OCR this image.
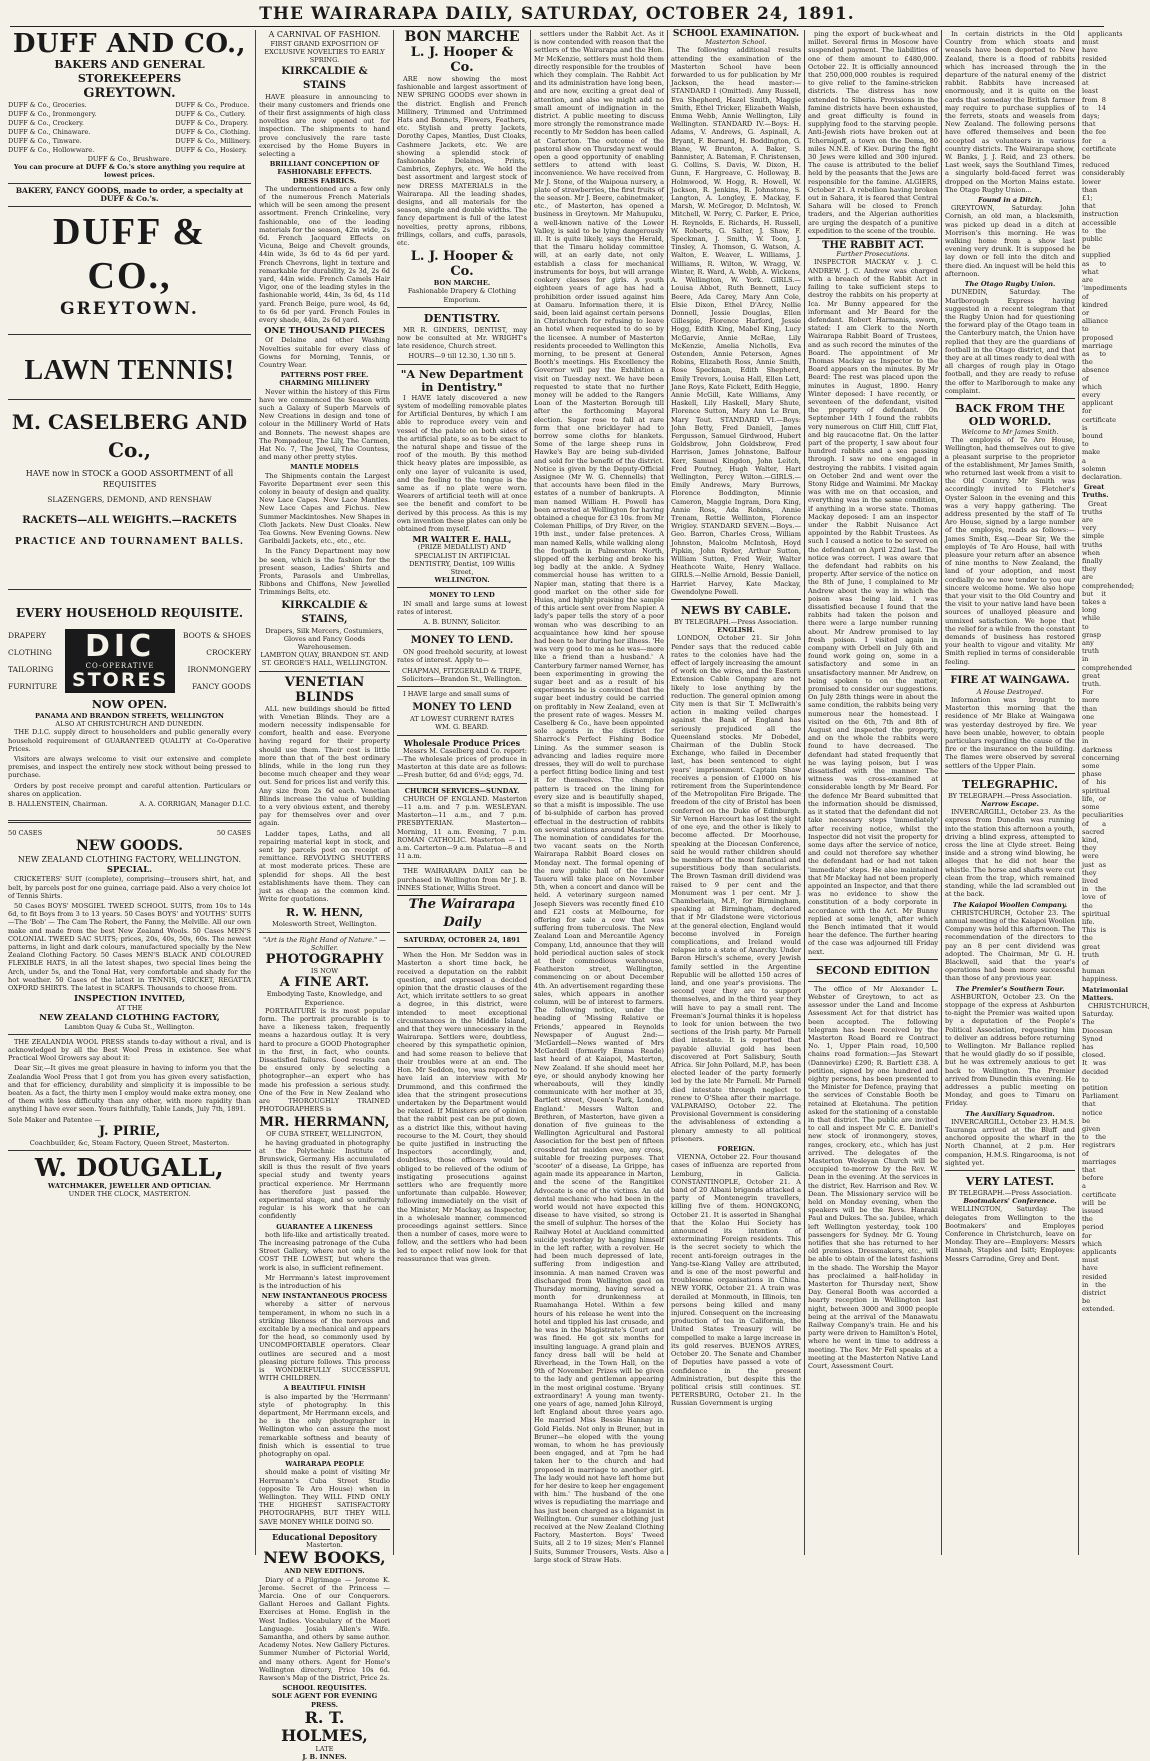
THE WAIRARAPA DAILY, SATURDAY, OCTOBER 24, 1891.
DUFF AND CO.,
BAKERS AND GENERAL STOREKEEPERS
GREYTOWN.
DUFF & Co., Groceries.
DUFF & Co., Ironmongery.
DUFF & Co., Crockery.
DUFF & Co., Chinaware.
DUFF & Co., Tinware.
DUFF & Co., Hollowware.
DUFF & Co., Produce.
DUFF & Co., Cutlery.
DUFF & Co., Drapery.
DUFF & Co., Clothing.
DUFF & Co., Millinery.
DUFF & Co., Hosiery.
DUFF & Co., Brushware.
You can procure at DUFF & Co.'s store anything you require at lowest prices.
BAKERY, FANCY GOODS, made to order, a specialty at DUFF & Co.'s.
DUFF & CO.,
GREYTOWN.
LAWN TENNIS!
M. CASELBERG AND Co.,
HAVE now in STOCK a GOOD ASSORTMENT of all REQUISITES
SLAZENGERS, DEMOND, AND RENSHAW
RACKETS—ALL WEIGHTS.—RACKETS
PRACTICE AND TOURNAMENT BALLS.
EVERY HOUSEHOLD REQUISITE.
DRAPERY
CLOTHING
TAILORING
FURNITURE
DIC
CO-OPERATIVE
STORES
BOOTS & SHOES
CROCKERY
IRONMONGERY
FANCY GOODS
NOW OPEN.
PANAMA AND BRANDON STREETS, WELLINGTON
ALSO AT CHRISTCHURCH AND DUNEDIN.

THE D.I.C. supply direct to householders and public generally every household requirement of GUARANTEED QUALITY at Co-Operative Prices.

Visitors are always welcome to visit our extensive and complete premises, and inspect the entirely new stock without being pressed to purchase.

Orders by post receive prompt and careful attention. Particulars or shares on application.

B. HALLENSTEIN, Chairman.	A. A. CORRIGAN, Manager D.I.C.
50 CASES	50 CASES
NEW GOODS.
NEW ZEALAND CLOTHING FACTORY, WELLINGTON.
SPECIAL.

CRICKETERS' SUIT (complete), comprising—trousers shirt, hat, and belt, by parcels post for one guinea, carriage paid. Also a very choice lot of Tennis Shirts.

50 Cases BOYS' MOSGIEL TWEED SCHOOL SUITS, from 10s to 14s 6d, to fit Boys from 3 to 13 years. 50 Cases BOYS' and YOUTHS' SUITS—The 'Bob' — The Cam The Robert, the Fanny, the Melville. All our own make and made from the best New Zealand Wools. 50 Cases MEN'S COLONIAL TWEED SAC SUITS; prices, 20s, 40s, 50s, 60s. The newest patterns, in light and dark colours, manufactured specially by the New Zealand Clothing Factory. 50 Cases MEN'S BLACK AND COLOURED FLEXIBLE HATS, in all the latest shapes, two special lines being the Arch, under 5s, and the Tonal Hat, very comfortable and shady for the hot weather. 50 Cases of the latest in TENNIS, CRICKET, REGATTA OXFORD SHIRTS. The latest in SCARFS. Thousands to choose from.

INSPECTION INVITED,
AT THE
NEW ZEALAND CLOTHING FACTORY,
Lambton Quay & Cuba St., Wellington.

THE ZEALANDIA WOOL PRESS stands to-day without a rival, and is acknowledged by all the Best Wool Press in existence. See what Practical Wool Growers say about it:

Dear Sir,—It gives me great pleasure in having to inform you that the Zealandia Wool Press that I got from you has given every satisfaction, and that for efficiency, durability and simplicity it is impossible to be beaten. As a fact, the thirty men I employ would make extra money, one of them with less difficulty than any other, with more rapidity than anything I have ever seen. Yours faithfully, Table Lands, July 7th, 1891.

Sole Maker and Patentee —
J. PIRIE,
Coachbuilder, &c, Steam Factory, Queen Street, Masterton.
W. DOUGALL,
WATCHMAKER, JEWELLER AND OPTICIAN.
UNDER THE CLOCK, MASTERTON.
A CARNIVAL OF FASHION.
FIRST GRAND EXPOSITION OF EXCLUSIVE NOVELTIES TO EARLY SPRING.
KIRKCALDIE & STAINS

HAVE pleasure in announcing to their many customers and friends one of their first assignments of high class novelties are now opened out for inspection. The shipments to hand prove conclusively the rare taste exercised by the Home Buyers in selecting a

BRILLIANT CONCEPTION OF FASHIONABLE EFFECTS.
DRESS FABRICS.

The undermentioned are a few only of the numerous French Materials which will be seen among the present assortment. French Crinkeline, very fashionable, one of the leading materials for the season, 42in wide, 2s 6d. French Jacquard Effects on Vicuna, Beige and Chevelt grounds, 44in wide, 3s 6d to 4s 6d per yard. French Chevrons, light in texture and remarkable for durability, 2s 3d, 2s 6d yard, 44in wide. French Camels Hair Vigor, one of the leading styles in the fashionable world, 44in, 3s 6d, 4s 11d yard. French Beige, pure wool, 4s 6d, to 6s 6d per yard. French Foules in every shade, 44in, 2s 6d yard.

ONE THOUSAND PIECES

Of Delaine and other Washing Novelties suitable for every class of Gowns for Morning, Tennis, or Country Wear.

PATTERNS POST FREE.
CHARMING MILLINERY

Never within the history of this Firm have we commenced the Season with such a Galaxy of Superb Marvels of New Creations in design and tone of colour in the Millinery World of Hats and Bonnets. The newest shapes are The Pompadour, The Lily, The Carmen, Hat No. 7, The Jewel, The Countess, and many other pretty styles.

MANTLE MODELS

The Shipments contain the Largest Favorite Department ever seen this colony in beauty of design and quality. New Lace Capes. New Lace Mantles. New Lace Capes and Fichus. New Summer Mackintoshes. New Shapes in Cloth Jackets. New Dust Cloaks. New Tea Gowns. New Evening Gowns. New Garibaldi Jackets, etc., etc., etc.

In the Fancy Department may now be seen, which is the fashion for the present season, Ladies' Shirts and Fronts, Parasols and Umbrellas, Ribbons and Chiffons, New Jewelled Trimmings Belts, etc.

KIRKCALDIE & STAINS,
Drapers, Silk Mercers, Costumiers, Gloves and Fancy Goods Warehousemen.
LAMBTON QUAY, BRANDON ST. AND ST. GEORGE'S HALL, WELLINGTON.
VENETIAN BLINDS

ALL new buildings should be fitted with Venetian Blinds. They are a modern necessity indispensable for comfort, health and ease. Everyone having regard for their property should use them. Their cost is little more than that of the best ordinary blinds, while in the long run they become much cheaper and they wear out. Send for prices list and verify this. Any size from 2s 6d each. Venetian Blinds increase the value of building to a very obvious extent, and thereby pay for themselves over and over again.

Ladder tapes, Laths, and all repairing material kept in stock, and sent by parcels post on receipt of remittance. REVOLVING SHUTTERS at most moderate prices. These are splendid for shops. All the best establishments have them. They can just as cheap as the common kind. Write for quotations.

R. W. HENN,
Molesworth Street, Wellington.
"Art is the Right Hand of Nature." —Schiller.
PHOTOGRAPHY
IS NOW
A FINE ART.
Embodying Taste, Knowledge, and Experience.

PORTRAITURE is its most popular form. The portrait procurable is to have a likeness taken, frequently means a hazardous outlay. It is very hard to procure a GOOD Photographer in the first, in fact, who counts. Dissatisfied failures. Good results can be ensured only by selecting a photographer—an expert who has made his profession a serious study. One of the Few in New Zealand who are THOROUGHLY TRAINED PHOTOGRAPHERS is

MR. HERRMANN,
OF CUBA STREET, WELLINGTON,

he having graduated in photography at the Polytechnic Institute of Brunswick, Germany. His accumulated skill is thus the result of five years special study and twenty years practical experience. Mr Herrmann has therefore just passed the experimental stage, and so uniformly regular is his work that he can confidently

GUARANTEE A LIKENESS

both life-like and artistically treated. The increasing patronage of the Cuba Street Gallery, where not only is the COST THE LOWEST, but where the work is also, in sufficient refinement.

Mr Herrmann's latest improvement is the introduction of his

NEW INSTANTANEOUS PROCESS

whereby a sitter of nervous temperament, in whom no such in a striking likeness of the nervous and excitable by a mechanical and appears for the head, so commonly used by UNCOMFORTABLE operators. Clear outlines are secured and a most pleasing picture follows. This process is WONDERFULLY SUCCESSFUL WITH CHILDREN.

A BEAUTIFUL FINISH

is also imparted by the 'Herrmann' style of photography. In this department, Mr Herrmann excels, and he is the only photographer in Wellington who can assure the most remarkable softness and beauty of finish which is essential to true photography on opal.

WAIRARAPA PEOPLE

should make a point of visiting Mr Herrmann's Cuba Street Studio (opposite Te Aro House) when in Wellington. They WILL FIND ONLY THE HIGHEST SATISFACTORY PHOTOGRAPHS, BUT THEY WILL SAVE MONEY WHILE DOING SO.

Educational Depository
Masterton.
NEW BOOKS,
AND NEW EDITIONS.

Diary of a Pilgrimage — Jerome K. Jerome. Secret of the Princess — Marcia. One of our Conquerors. Gallant Heroes and Gallant Fights. Exercises at Home. English in the West Indies. Vocabulary of the Maori Language. Josiah Allen's Wife. Samantha, and others by same author. Academy Notes. New Gallery Pictures. Summer Number of Pictorial World, and many others. Agent for Home's Wellington directory, Price 10s 6d. Rawson's Map of the District, Price 2s.

SCHOOL REQUISITES.
SOLE AGENT FOR EVENING PRESS.
R. T. HOLMES,
LATE
J. B. INNES.
BON MARCHE
L. J. Hooper & Co.

ARE now showing the most fashionable and largest assortment of NEW SPRING GOODS ever shown in the district. English and French Millinery, Trimmed and Untrimmed Hats and Bonnets, Flowers, Feathers, etc. Stylish and pretty Jackets, Dorothy Capes, Mantles, Dust Cloaks, Cashmere Jackets, etc. We are showing a splendid stock of fashionable Delaines, Prints, Cambrics, Zephyrs, etc. We hold the best assortment and largest stock of new DRESS MATERIALS in the Wairarapa. All the leading shades, designs, and all materials for the season, single and double widths. The fancy department is full of the latest novelties, pretty aprons, ribbons, frillings, collars, and cuffs, parasols, etc.

L. J. Hooper & Co.
BON MARCHE.
Fashionable Drapery & Clothing Emporium.
DENTISTRY.

MR R. GINDERS, DENTIST, may now be consulted at Mr. WRIGHT's late residence, Church street.

HOURS—9 till 12.30, 1.30 till 5.
"A New Department in Dentistry."

I HAVE lately discovered a new system of modelling removable plates for Artificial Dentures, by which I am able to reproduce every vein and vessel of the palate on both sides of the artificial plate, so as to be exact to the natural shape and tissue of the roof of the mouth. By this method thick heavy plates are impossible, as only one layer of vulcanite is used, and the feeling to the tongue is the same as if no plate were worn. Wearers of artificial teeth will at once see the benefit and comfort to be derived by this process. As this is my own invention these plates can only be obtained from myself.

MR WALTER E. HALL,
(PRIZE MEDALLIST) AND SPECIALIST IN ARTIFICIAL DENTISTRY, Dentist, 109 Willis Street,
WELLINGTON.
MONEY TO LEND

IN small and large sums at lowest rates of interest.

A. B. BUNNY, Solicitor.
MONEY TO LEND.

ON good freehold security, at lowest rates of interest. Apply to—

CHAPMAN, FITZGERALD & TRIPE, Solicitors—Brandon St., Wellington.

I HAVE large and small sums of

MONEY TO LEND
AT LOWEST CURRENT RATES
WM. G. BEARD.
Wholesale Produce Prices

Messrs M. Caselberg and Co. report:—The wholesale prices of produce in Masterton at this date are as follows:—Fresh butter, 6d and 6½d; eggs, 7d.

CHURCH SERVICES—SUNDAY.

CHURCH OF ENGLAND. Masterton—11 a.m. and 7 p.m. WESLEYAN. Masterton—11 a.m., and 7 p.m. PRESBYTERIAN. Masterton—Morning, 11 a.m. Evening, 7 p.m. ROMAN CATHOLIC. Masterton — 11 a.m. Carterton—9 a.m. Palatua—8 and 11 a.m.

THE WAIRARAPA DAILY can be purchased in Wellington from Mr J. B. INNES Stationer, Willis Street.

The Wairarapa Daily
SATURDAY, OCTOBER 24, 1891

When the Hon. Mr Seddon was in Masterton a short time back, he received a deputation on the rabbit question, and expressed a decided opinion that the drastic clauses of the Act, which irritate settlers to so great a degree, in this district, were intended to meet exceptional circumstances in the Middle Island, and that they were unnecessary in the Wairarapa. Settlers were, doubtless, cheered by this sympathetic opinion, and had some reason to believe that their troubles were at an end. The Hon. Mr Seddon, too, was reported to have laid an interview with Mr Drummond, and this confirmed the idea that the stringent prosecutions undertaken by the Department would be relaxed. If Ministers are of opinion that the rabbit pest can be put down, as a district like this, without having recourse to the M. Court, they should be quite justified in instructing the Inspectors accordingly, and, doubtless, those officers would be obliged to be relieved of the odium of instigating prosecutions against settlers who are frequently more unfortunate than culpable. However, following immediately on the visit of the Minister, Mr Mackay, as Inspector, in a wholesale manner, commenced proceedings against settlers. Since then a number of cases, more were to follow, and the settlers who had been led to expect relief now look for that reassurance that was given.

settlers under the Rabbit Act. As it is now contended with reason that the settlers of the Wairarapa and the Hon. Mr McKenzie, settlers must hold them directly responsible for the troubles of which they complain. The Rabbit Act and its administration have long been, and are now, exciting a great deal of attention, and also we might add no small amount of indignation in the district. A public meeting to discuss more strongly the remonstrance made recently to Mr Seddon has been called at Carterton. The outcome of the pastoral show on Thursday next would open a good opportunity of enabling settlers to attend with least inconvenience. We have received from Mr J. Stone, of the Waipoua nursery, a plate of strawberries, the first fruits of the season. Mr J. Beere, cabinetmaker, etc., of Masterton, has opened a business in Greytown. Mr Mahupuku, a well-known native of the Lower Valley, is said to be lying dangerously ill. It is quite likely, says the Herald, that the Timaru holiday committee will, at an early date, not only establish a class for mechanical instruments for boys, but will arrange cookery classes for girls. A youth eighteen years of age has had a prohibition order issued against him at Oamaru. Information there, it is said, been laid against certain persons in Christchurch for refusing to leave an hotel when requested to do so by the licensee. A number of Masterton residents proceeded to Wellington this morning, to be present at General Booth's meetings. His Excellency the Governor will pay the Exhibition a visit on Tuesday next. We have been requested to state that no further money will be added to the Rangers Loan of the Masterton Borough till after the forthcoming Mayoral election. Sugar rose to fall at rare form that one bricklayer had to borrow some cloths for blankets. Some of the large sheep runs in Hawke's Bay are being sub-divided and sold for the benefit of the district. Notice is given by the Deputy-Official Assignee (Mr W. G. Chennells) that that accounts have been filed in the estates of a number of bankrupts. A man named William H. Powell has been arrested at Wellington for having obtained a cheque for £3 10s. from Mr Coleman Phillips, of Dry River, on the 19th inst., under false pretences. A man named Kells, while walking along the footpath in Palmerston North, slipped off the kerbing and broke his leg badly at the ankle. A Sydney commercial house has written to a Napier man, stating that there is a good market on the other side for Huias, and highly praising the sample of this article sent over from Napier. A lady's paper tells the story of a poor woman who was describing to an acquaintance how kind her spouse had been to her during her illness. 'He was very good to me as he was—more like a friend than a husband.' A Canterbury farmer named Werner, has been experimenting in growing the sugar beet and as a result of his experiments he is convinced that the sugar beet industry could be carried on profitably in New Zealand, even at the present rate of wages. Messrs M. Caselberg & Co., have been appointed sole agents in the district for Sharrock's Perfect Fishing Bodice Lining. As the summer season is advancing and ladies require more dresses, they will do well to purchase a perfect fitting bodice lining and test it for themselves. The champion pattern is traced on the lining for every size and is beautifully shaped, so that a misfit is impossible. The use of bi-sulphide of carbon has proved effectual in the destruction of rabbits on several stations around Masterton. The nomination of candidates for the two vacant seats on the North Wairarapa Rabbit Board closes on Monday next. The formal opening of the new public hall of the Lower Taueru will take place on November 5th, when a concert and dance will be held. A veterinary surgeon named Joseph Sievers was recently fined £10 and £21 costs at Melbourne, for offering for sale a cow that was suffering from tuberculosis. The New Zealand Loan and Mercantile Agency Company, Ltd, announce that they will hold periodical auction sales of stock at their commodious warehouse, Featherston street, Wellington, commencing on or about December 4th. An advertisement regarding these sales, which appears in another column, will be of interest to farmers. The following notice, under the heading of 'Missing Relative or Friends,' appeared in Reynolds Newspaper of August 2nd:— 'McGardell—News wanted of Mrs McGardell (formerly Emma Reade) last heard of at Kaiapoi, Masterton, New Zealand. If she should meet her eye, or should anybody knowing her whereabouts, will they kindly communicate with her mother at 35, Bartlett street, Queen's Park, London, England.' Messrs Walton and Brethren, of Masterton, have given a donation of five guineas to the Wellington Agricultural and Pastoral Association for the best pen of fifteen crossbred fat maiden ewe, any cross, suitable for freezing purposes. That 'scooter' of a disease, La Grippe, has again made its appearance in Marton, and the scene of the Rangitikei Advocate is one of the victims. An old dental mechanic who had been in the world would not have expected this disease to have visited, so strong is the smell of sulphur. The horses of the Railway Hotel at Auckland committed suicide yesterday by hanging himself in the left rafter, with a revolver. He had been much depressed of late, suffering from indigestion and insomnia. A man named Craven was discharged from Wellington gaol on Thursday morning, having served a month for drunkenness at Ruamahanga Hotel. Within a few hours of his release he went into the hotel and tippled his last crusade, and he was in the Magistrate's Court and was fined. He got six months for insulting language. A grand plain and fancy dress ball will be held at Riverhead, in the Town Hall, on the 9th of November. Prizes will be given to the lady and gentleman appearing in the most original costume. 'Bryany extraordinary! A young man twenty-one years of age, named John Kilroyd, left England about three years ago. He married Miss Bessie Hannay in Gold Fields. Not only in Bruner, but in Bruner—he eloped with the young woman, to whom he has previously been engaged, and at 7pm he had taken her to the church and had proposed in marriage to another girl. The lady would not have left home but for her desire to keep her engagement with him.' The husband of the one wives is repudiating the marriage and has just been charged as a bigamist in Wellington. Our summer clothing just received at the New Zealand Clothing Factory, Masterton. Boys' Tweed Suits, all 2 to 19 sizes; Men's Flannel Suits, Summer Trousers, Vests. Also a large stock of Straw Hats.

SCHOOL EXAMINATION.
Masterton School.

The following additional results attending the examination of the Masterton School have been forwarded to us for publication by Mr Jackson, the head master:— STANDARD I (Omitted). Amy Russell, Eva Shepherd, Hazel Smith, Maggie Smith, Ethel Tricker, Elizabeth Walsh, Emma Webb, Annie Wellington, Lily Wellington. STANDARD IV.—Boys: H. Adams, V. Andrews, G. Aspinall, A. Bryant, F. Bernard, H. Boddington, G. Blane, W. Brunton, A. Baker, S. Bannister, A. Bateman, F. Christensen, G. Collins, S. Davis, W. Dixon, H. Gunn, F. Hargreave, C. Holloway, B. Holmwood, W. Hogg, R. Howell, W. Jackson, R. Jenkins, R. Johnstone, S. Langton, A. Longley, E. Mackay, F. Marsh, W. McGregor, D. McIntosh, W. Mitchell, W. Perry, C. Parker, E. Price, H. Reynolds, E. Richards, H. Russell, W. Roberts, G. Salter, J. Shaw, F. Speckman, J. Smith, W. Toon, J. Tinsley, A. Thomson, G. Watson, A. Walton, E. Weaver, L. Williams, J. Williams, R. Wilton, W. Wragg, W. Winter, R. Ward, A. Webb, A. Wickens, A. Wellington, W. York. GIRLS.—Louisa Abbot, Ruth Bennett, Lucy Beere, Ada Carey, Mary Ann Cole, Elsie Dixon, Ethel D'Arcy, Nellie Donnell, Jessie Douglas, Ellen Gillespie, Florence Harford, Jessie Hogg, Edith King, Mabel King, Lucy McGarvie, Annie McRae, Lily McKenzie, Amelia Nicholls, Eva Ostenden, Annie Peterson, Agnes Robins, Elizabeth Ross, Annie Smith, Rose Speckman, Edith Shepherd, Emily Trevors, Louisa Hall, Ellen Lett, Jane Roys, Kate Fickett, Edith Heggie, Annie McGill, Kate Williams, Amy Haskell, Lily Haskell, Mary Shute, Florence Sutton, Mary Ann Le Brun, Mary Tout. STANDARD VI.—Boys: John Betty, Fred Daniell, James Fergusson, Samuel Girdwood, Hubert Goldsbrow, John Goldsbrow, Fred Harrison, James Johnstone, Balfour Kerr, Samuel Kingdon, John Leitch, Fred Poutney, Hugh Walter, Hart Wellington, Percy Wilton.—GIRLS.—Emily Andrews, Mary Burrows, Florence Boddington, Minnie Cameron, Maggie Ingram, Dora King, Annie Ross, Ada Robins, Annie Trenam, Rettie Wellinton, Florence Wrigley. STANDARD SEVEN.—Boys.—Geo. Barron, Charles Cross, William Johnston, Malcolm McIntosh, Hoyd Pipkin, John Ryder, Arthur Sutton, William Sutton, Fred Weir, Walter Heathcote Waite, Henry Wallace. GIRLS.—Nellie Arnold, Bessie Daniell, Harriet Harvey, Kate Mackay, Gwendolyne Powell.

NEWS BY CABLE.
BY TELEGRAPH.—Press Association.
ENGLISH.

LONDON, October 21. Sir John Pender says that the reduced cable rates to the colonies have had the effect of largely increasing the amount of work on the wires, and the Eastern Extension Cable Company are not likely to lose anything by the reduction. The general opinion among City men is that Sir T. McIlwraith's action in making veiled charges against the Bank of England has seriously prejudiced all the Queensland stocks. Mr Dobedel, Chairman of the Dublin Stock Exchange, who failed in December last, has been sentenced to eight years' imprisonment. Captain Shaw receives a pension of £1000 on his retirement from the Superintendence of the Metropolitan Fire Brigade. The freedom of the city of Bristol has been conferred on the Duke of Edinburgh. Sir Vernon Harcourt has lost the sight of one eye, and the other is likely to become affected. Dr Moorhouse, speaking at the Diocesan Conference, said he would rather children should be members of the most fanatical and superstitious body than secularists. The Brown Tasman drill dividend was raised to 9 per cent and the Monument was 1 per cent. Mr J. Chamberlain, M.P., for Birmingham, speaking at Birmingham, declared that if Mr Gladstone were victorious at the general election, England would become involved in Foreign complications, and Ireland would relapse into a state of Anarchy. Under Baron Hirsch's scheme, every Jewish family settled in the Argentine Republic will be allotted 150 acres of land, and one year's provisions. The second year they are to support themselves, and in the third year they will have to pay a small rent. The Freeman's Journal thinks it is hopeless to look for union between the two sections of the Irish party. Mr Parnell died intestate. It is reported that payable alluvial gold has been discovered at Port Salisbury, South Africa. Sir John Pollard, M.P., has been elected leader of the party formerly led by the late Mr Parnell. Mr Parnell died intestate through neglect to renew to O'Shea after their marriage. VALPARAISO, October 22. The Provisional Government is considering the advisableness of extending a plenary amnesty to all political prisoners.

FOREIGN.

VIENNA, October 22. Four thousand cases of influenza are reported from Lemburg, in Galicia. CONSTANTINOPLE, October 21. A band of 20 Albani brigands attacked a party of Montenegrin travellers, killing five of them. HONGKONG, October 21. It is asserted in Shanghai that the Kolao Hui Society has announced its intention of exterminating Foreign residents. This is the secret society to which the recent anti-foreign outrages in the Yang-tse-Kiang Valley are attributed, and is one of the most powerful and troublesome organisations in China. NEW YORK, October 21. A train was derailed at Monmouth, in Illinois, ten persons being killed and many injured. Consequent on the increasing production of tea in California, the United States Treasury will be compelled to make a large increase in its gold reserves. BUENOS AYRES, October 20. The Senate and Chamber of Deputies have passed a vote of confidence in the present Administration, but despite this the political crisis still continues. ST. PETERSBURG, October 21. In the Russian Government is urging

ping the export of buck-wheat and millet. Several firms in Moscow have suspended payment. The liabilities of one of them amount to £480,000. October 22. It is officially announced that 250,000,000 roubles is required to give relief to the famine-stricken districts. The distress has now extended to Siberia. Provisions in the famine districts have been exhausted, and great difficulty is found in supplying food to the starving people. Anti-Jewish riots have broken out at Tchernigoff, a town on the Dema, 80 miles N.N.E. of Kiev. During the fight 30 Jews were killed and 300 injured. The cause is attributed to the belief held by the peasants that the Jews are responsible for the famine. ALGIERS, October 21. A rebellion having broken out in Sahara, it is feared that Central Sahara will be closed to French traders, and the Algerian authorities are urging the despatch of a punitive expedition to the scene of the trouble.

THE RABBIT ACT.
Further Prosecutions.

INSPECTOR MACKAY v. J. C. ANDREW. J. C. Andrew was charged with a breach of the Rabbit Act in failing to take sufficient steps to destroy the rabbits on his property at Ica. Mr Bunny appeared for the informant and Mr Beard for the defendant. Robert Harmanis, sworn, stated: I am Clerk to the North Wairarapa Rabbit Board of Trustees, and as such record the minutes of the Board. The appointment of Mr Thomas Mackay as Inspector to the Board appears on the minutes. By Mr Beard: The rest was placed upon the minutes in August, 1890. Henry Winter deposed: I have recently, or seventeen of the defendant, visited the property of defendant. On September 14th I found the rabbits very numerous on Cliff Hill, Cliff Flat, and big raucacotne flat. On the latter part of the property, I saw about four hundred rabbits and a sea passing through. I saw no one engaged in destroying the rabbits. I visited again on October 2nd and went over the Stony Ridge and Waimimi. Mr Mackay was with me on that occasion, and everything was in the same condition, if anything in a worse state. Thomas Mackay deposed: I am an inspector under the Rabbit Nuisance Act appointed by the Rabbit Trustees. As such I caused a notice to be served on the defendant on April 22nd last. The notice was correct. I was aware that the defendant had rabbits on his property. After service of the notice on the 8th of June, I complained to Mr Andrew about the way in which the poison was being laid. I was dissatisfied because I found that the rabbits had taken the poison and there were a large number running about. Mr Andrew promised to lay fresh poison. I visited again in company with Orbell on July 6th and found work going on, some in a satisfactory and some in an unsatisfactory manner. Mr Andrew, on being spoken to on the matter, promised to consider our suggestions. On July 28th things were in about the same condition, the rabbits being very numerous near the homestead. I visited on the 6th, 7th and 8th of August and inspected the property, and on the whole the rabbits were found to have decreased. The defendant had stated frequently that he was laying poison, but I was dissatisfied with the manner. The witness was cross-examined at considerable length by Mr Beard. For the defence Mr Beard submitted that the information should be dismissed, as it stated that the defendant did not take necessary steps 'immediately' after receiving notice, whilst the Inspector did not visit the property for some days after the service of notice, and could not therefore say whether the defendant had or had not taken 'immediate' steps. He also maintained that Mr Mackay had not been properly appointed an Inspector, and that there was no evidence to show the constitution of a body corporate in accordance with the Act. Mr Bunny replied at some length, after which the Bench intimated that it would hear the defence. The further hearing of the case was adjourned till Friday next.

SECOND EDITION

The office of Mr Alexander L. Webster of Greytown, to act as assessor under the Land and Income Assessment Act for that district has been accepted. The following telegram has been received by the Masterton Road Board re Contract No. 1, Upper Plain road, 10,500 chains road formation:—Jas Stewart (Dannevirke) £290; R. Bartlett £38. A petition, signed by one hundred and eighty persons, has been presented to the Minister for Defence, praying that the services of Constable Booth be retained at Eketahuna. The petition asked for the stationing of a constable in that district. The public are invited to call and inspect Mr C. E. Daniell's new stock of ironmongery, stoves, ranges, crockery, etc., which has just arrived. The delegates of the Masterton Wesleyan Church will be occupied to-morrow by the Rev. W. Dean in the evening. At the services in the district, Rev. Harrison and Rev. W. Dean. The Missionary service will be held on Monday evening, when the speakers will be the Revs. Hanraki Paul and Dukes. The sa. Jubilee, which left Wellington yesterday, took 100 passengers for Sydney. Mr G. Young notifies that she has returned to her old premises. Dressmakers, etc., will be able to obtain of the latest fashions in the shade. The Worship the Mayor has proclaimed a half-holiday in Masterton for Thursday next, Show Day. General Booth was accorded a hearty reception in Wellington last night, between 3000 and 3000 people being at the arrival of the Manawatu Railway Company's train. He and his party were driven to Hamilton's Hotel, where he went in time to address a meeting. The Rev. Mr Fell speaks at a meeting at the Masterton Native Land Court, Assessment Court.

In certain districts in the Old Country from which stoats and weasels have been deported to New Zealand, there is a flood of rabbits which has increased through the departure of the natural enemy of the rabbit. Rabbits have increased enormously, and it is quite on the cards that someday the British farmer may require to purchase supplies of the ferrets, stoats and weasels from New Zealand. The following persons have offered themselves and been accepted as volunteers in various country districts. The Wairarapa show, W. Banks, J. J. Reid, and 23 others. Last week, says the Southland Times, a singularly bold-faced ferret was dropped on the Morton Mains estate. The Otago Rugby Union...

Found in a Ditch.

GREYTOWN, Saturday. John Cornish, an old man, a blacksmith, was picked up dead in a ditch at Morrison's this morning. He was walking home from a show last evening very drunk. It is supposed he lay down or fell into the ditch and there died. An inquest will be held this afternoon.

The Otago Rugby Union.

DUNEDIN, Saturday. The Marlborough Express having suggested in a recent telegram that the Rugby Union had for questioning the forward play of the Otago team in the Canterbury match, the Union have replied that they are the guardians of football in the Otago district, and that they are at all times ready to deal with all charges of rough play in Otago football, and they are ready to refuse the offer to Marlborough to make any complaint.

BACK FROM THE OLD WORLD.
Welcome to Mr James Smith.

The employés of Te Aro House, Wellington, had themselves out to give a pleasant surprise to the proprietor of the establishment, Mr James Smith, who returned last week from a visit to the Old Country. Mr Smith was accordingly invited to Fletcher's Oyster Saloon in the evening and this was a very happy gathering. The address presented by the staff of Te Aro House, signed by a large number of the employés, reads as follows:— James Smith, Esq.—Dear Sir, We the employés of Te Aro House, hail with pleasure your return after an absence of nine months to New Zealand, the land of your adoption, and most cordially do we now tender to you our sincere welcome home. We also hope that your visit to the Old Country and the visit to your native land have been sources of unalloyed pleasure and unmixed satisfaction. We hope that the relief for a while from the constant demands of business has restored your health to vigour and vitality. Mr Smith replied in terms of considerable feeling.

FIRE AT WAINGAWA.
A House Destroyed.

Information was brought to Masterton this morning that the residence of Mr Blake at Waingawa was yesterday destroyed by fire. We have been unable, however, to obtain particulars regarding the cause of the fire or the insurance on the building. The flames were observed by several settlers of the Upper Plain.

TELEGRAPHIC.
BY TELEGRAPH.—Press Association.
Narrow Escape.

INVERCARGILL, October 23. As the express from Dunedin was running into the station this afternoon a youth, driving a blind express, attempted to cross the line at Clyde street. Being inside and a strong wind blowing, he alleges that he did not hear the whistle. The horse and shafts were cut clean from the trap, which remained standing, while the lad scrambled out at the back.

The Kaiapoi Woollen Company.

CHRISTCHURCH, October 23. The annual meeting of the Kaiapoi Woollen Company was held this afternoon. The recommendation of the directors to pay an 8 per cent dividend was adopted. The Chairman, Mr G. H. Blackwell, said that the year's operations had been more successful than those of any previous year.

The Premier's Southern Tour.

ASHBURTON, October 23. On the stoppage of the express at Ashburton to-night the Premier was waited upon by a deputation of the People's Political Association, requesting him to deliver an address before returning to Wellington. Mr Ballance replied that he would gladly do so if possible, but he was extremely anxious to get back to Wellington. The Premier arrived from Dunedin this evening. He addresses a public meeting on Monday, and goes to Timaru on Friday.

The Auxiliary Squadron.

INVERCARGILL, October 23. H.M.S. Tauranga arrived at the Bluff and anchored opposite the wharf in the North Channel, at 2 p.m. Her companion, H.M.S. Ringarooma, is not sighted yet.

VERY LATEST.
BY TELEGRAPH.—Press Association.
Bootmakers' Conference.

WELLINGTON, Saturday. The delegates from Wellington to the Bootmakers' and Employes Conference in Christchurch, leave on Monday. They are—Employers: Messrs Hannah, Staples and Isitt; Employes: Messrs Carradine, Grey and Dent.

applicants must have resided in the district at least from 8 to 14 days; that the fee for a certificate be reduced considerably lower than £1; that instruction accessible to the public be supplied as to what are 'impediments of kindred or alliance to proposed marriage as to the absence of which every applicant for certificate is bound to make a solemn declaration.

Great Truths.

Great truths are very simple truths when finally they are comprehended; but it takes a long while to grasp any truth in comprehended great truth. For more than one year people in darkness concerning some phase of his spiritual life, or some peculiarities of a sacred kind, they were just as they lived in the love of the spiritual life. This is the great truth of human happiness.

Matrimonial Matters.

CHRISTCHURCH, Saturday. The Diocesan Synod has closed. It was decided to petition Parliament that notice be given to the registrars of marriages that before a certificate will be issued the period for which applicants must have resided in the district be extended.
